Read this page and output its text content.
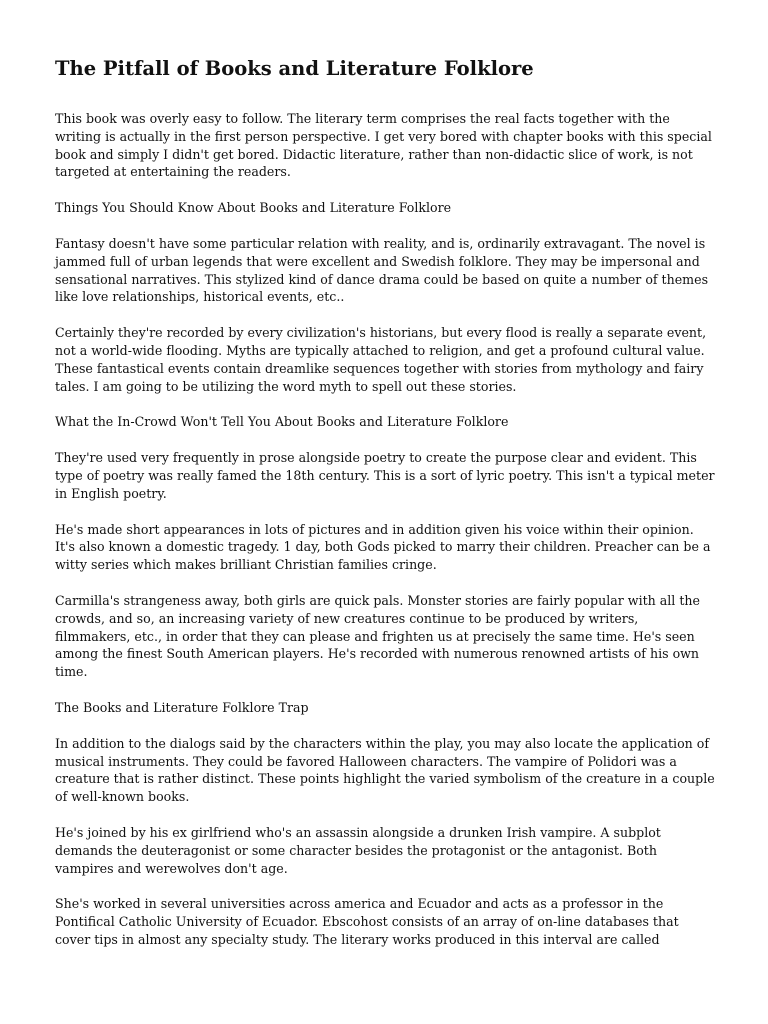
The Pitfall of Books and Literature Folklore

This book was overly easy to follow. The literary term comprises the real facts together with the writing is actually in the first person perspective. I get very bored with chapter books with this special book and simply I didn't get bored. Didactic literature, rather than non-didactic slice of work, is not targeted at entertaining the readers.

Things You Should Know About Books and Literature Folklore

Fantasy doesn't have some particular relation with reality, and is, ordinarily extravagant. The novel is jammed full of urban legends that were excellent and Swedish folklore. They may be impersonal and sensational narratives. This stylized kind of dance drama could be based on quite a number of themes like love relationships, historical events, etc..

Certainly they're recorded by every civilization's historians, but every flood is really a separate event, not a world-wide flooding. Myths are typically attached to religion, and get a profound cultural value. These fantastical events contain dreamlike sequences together with stories from mythology and fairy tales. I am going to be utilizing the word myth to spell out these stories.

What the In-Crowd Won't Tell You About Books and Literature Folklore

They're used very frequently in prose alongside poetry to create the purpose clear and evident. This type of poetry was really famed the 18th century. This is a sort of lyric poetry. This isn't a typical meter in English poetry.

He's made short appearances in lots of pictures and in addition given his voice within their opinion. It's also known a domestic tragedy. 1 day, both Gods picked to marry their children. Preacher can be a witty series which makes brilliant Christian families cringe.

Carmilla's strangeness away, both girls are quick pals. Monster stories are fairly popular with all the crowds, and so, an increasing variety of new creatures continue to be produced by writers, filmmakers, etc., in order that they can please and frighten us at precisely the same time. He's seen among the finest South American players. He's recorded with numerous renowned artists of his own time.

The Books and Literature Folklore Trap

In addition to the dialogs said by the characters within the play, you may also locate the application of musical instruments. They could be favored Halloween characters. The vampire of Polidori was a creature that is rather distinct. These points highlight the varied symbolism of the creature in a couple of well-known books.

He's joined by his ex girlfriend who's an assassin alongside a drunken Irish vampire. A subplot demands the deuteragonist or some character besides the protagonist or the antagonist. Both vampires and werewolves don't age.

She's worked in several universities across america and Ecuador and acts as a professor in the Pontifical Catholic University of Ecuador. Ebscohost consists of an array of on-line databases that cover tips in almost any specialty study. The literary works produced in this interval are called
